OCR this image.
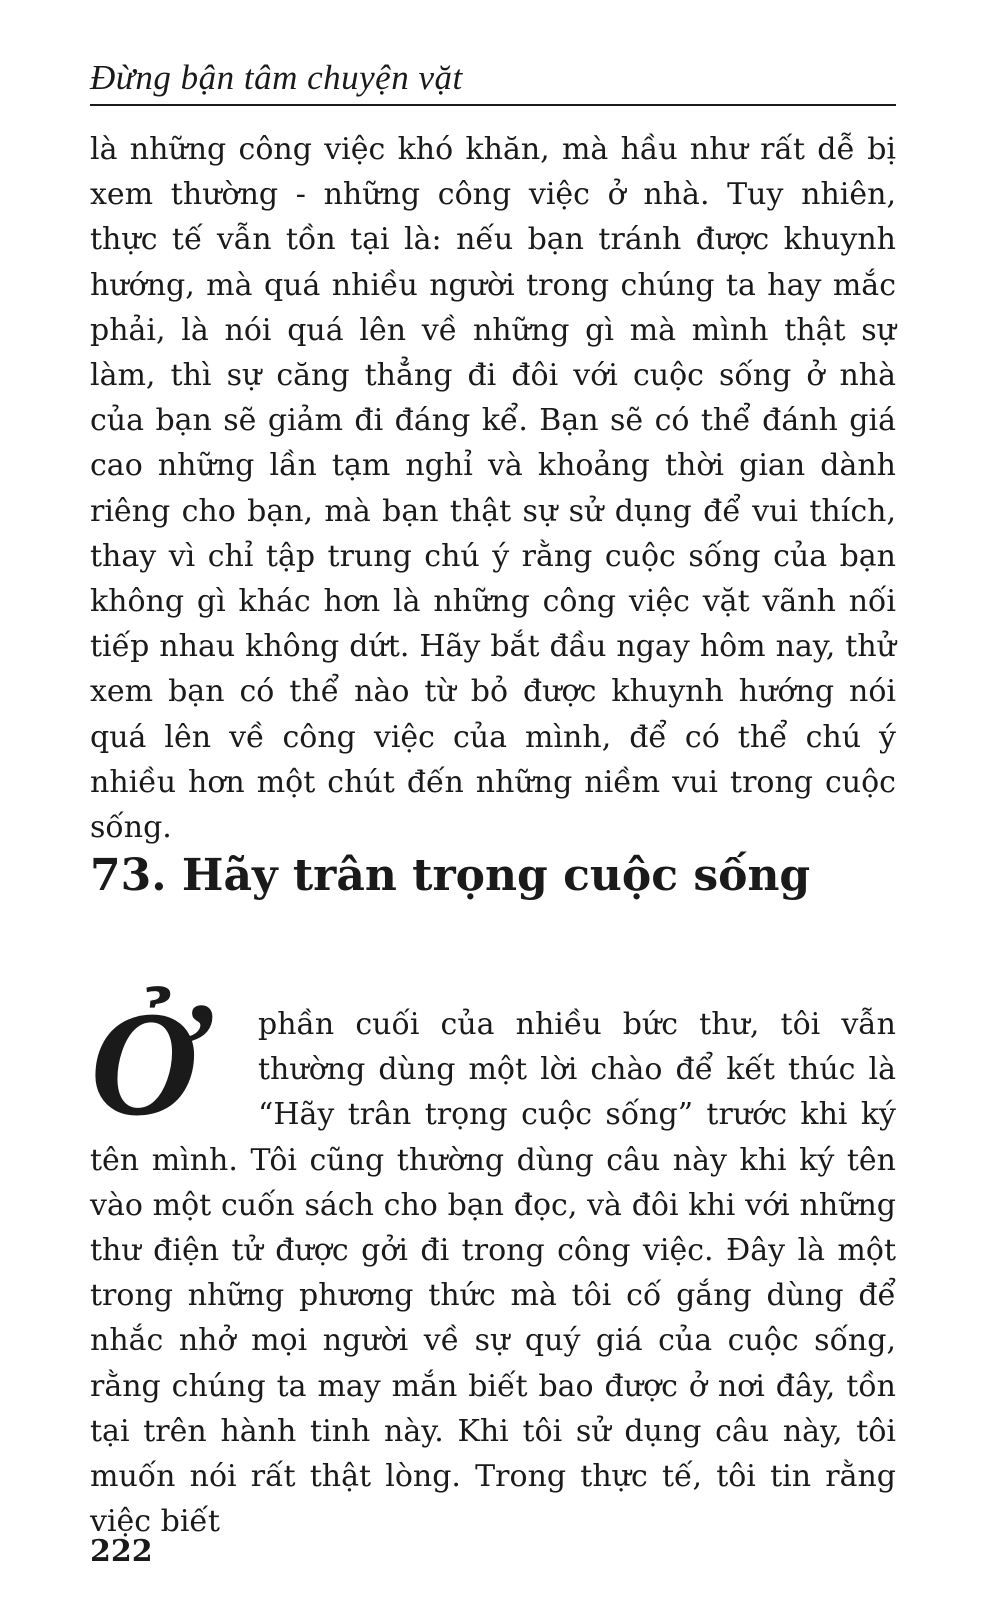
Đừng bận tâm chuyện vặt

là những công việc khó khăn, mà hầu như rất dễ bị xem thường - những công việc ở nhà. Tuy nhiên, thực tế vẫn tồn tại là: nếu bạn tránh được khuynh hướng, mà quá nhiều người trong chúng ta hay mắc phải, là nói quá lên về những gì mà mình thật sự làm, thì sự căng thẳng đi đôi với cuộc sống ở nhà của bạn sẽ giảm đi đáng kể. Bạn sẽ có thể đánh giá cao những lần tạm nghỉ và khoảng thời gian dành riêng cho bạn, mà bạn thật sự sử dụng để vui thích, thay vì chỉ tập trung chú ý rằng cuộc sống của bạn không gì khác hơn là những công việc vặt vãnh nối tiếp nhau không dứt. Hãy bắt đầu ngay hôm nay, thử xem bạn có thể nào từ bỏ được khuynh hướng nói quá lên về công việc của mình, để có thể chú ý nhiều hơn một chút đến những niềm vui trong cuộc sống.

73. Hãy trân trọng cuộc sống
Ở	phần cuối của nhiều bức thư, tôi vẫn thường dùng một lời chào để kết thúc là “Hãy trân trọng cuộc sống” trước khi ký tên mình. Tôi cũng thường dùng câu này khi ký tên vào một cuốn sách cho bạn đọc, và đôi khi với những thư điện tử được gởi đi trong công việc. Đây là một trong những phương thức mà tôi cố gắng dùng để nhắc nhở mọi người về sự quý giá của cuộc sống, rằng chúng ta may mắn biết bao được ở nơi đây, tồn tại trên hành tinh này. Khi tôi sử dụng câu này, tôi muốn nói rất thật lòng. Trong thực tế, tôi tin rằng việc biết
222
